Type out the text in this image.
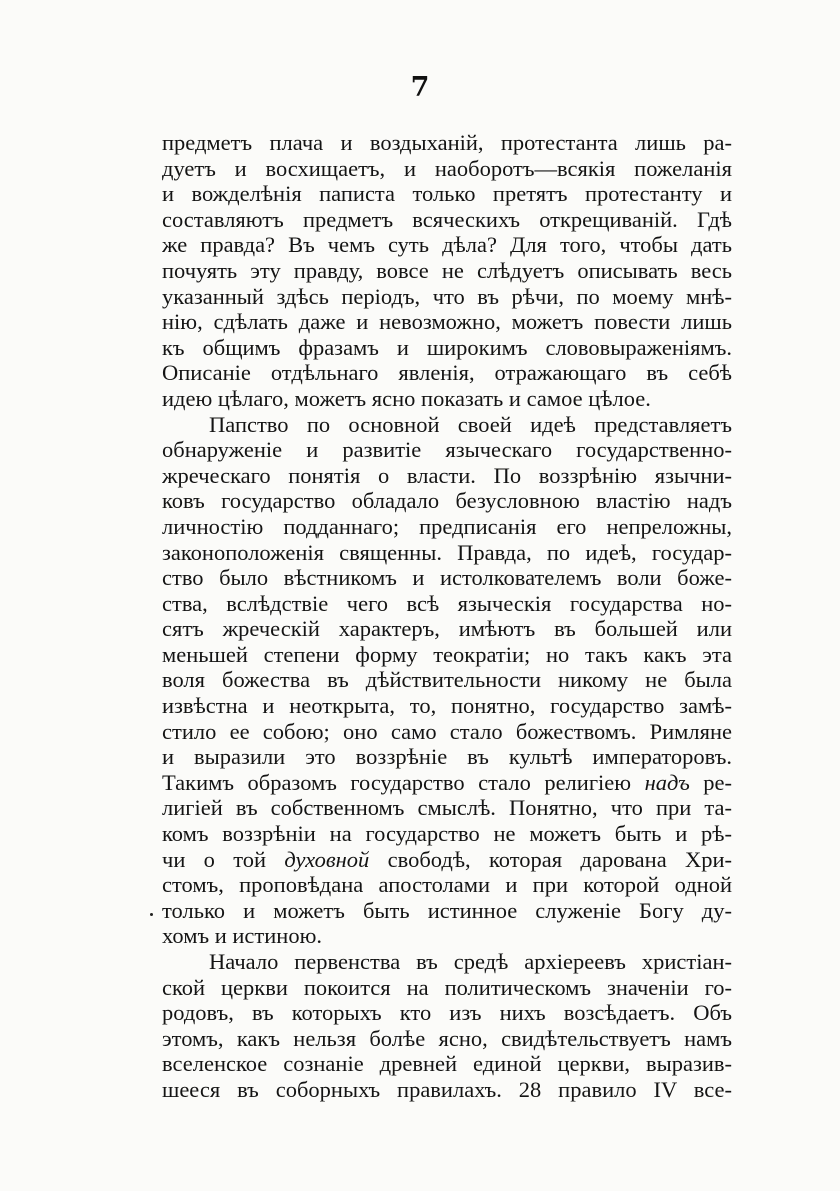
7
предметъ плача и воздыханій, протестанта лишь ра-
дуетъ и восхищаетъ, и наоборотъ—всякія пожеланія
и вожделѣнія паписта только претятъ протестанту и
составляютъ предметъ всяческихъ открещиваній. Гдѣ
же правда? Въ чемъ суть дѣла? Для того, чтобы дать
почуять эту правду, вовсе не слѣдуетъ описывать весь
указанный здѣсь періодъ, что въ рѣчи, по моему мнѣ-
нію, сдѣлать даже и невозможно, можетъ повести лишь
къ общимъ фразамъ и широкимъ слововыраженіямъ.
Описаніе отдѣльнаго явленія, отражающаго въ себѣ
идею цѣлаго, можетъ ясно показать и самое цѣлое.
Папство по основной своей идеѣ представляетъ
обнаруженіе и развитіе языческаго государственно-
жреческаго понятія о власти. По воззрѣнію язычни-
ковъ государство обладало безусловною властію надъ
личностію подданнаго; предписанія его непреложны,
законоположенія священны. Правда, по идеѣ, государ-
ство было вѣстникомъ и истолкователемъ воли боже-
ства, вслѣдствіе чего всѣ языческія государства но-
сятъ жреческій характеръ, имѣютъ въ большей или
меньшей степени форму теократіи; но такъ какъ эта
воля божества въ дѣйствительности никому не была
извѣстна и неоткрыта, то, понятно, государство замѣ-
стило ее собою; оно само стало божествомъ. Римляне
и выразили это воззрѣніе въ культѣ императоровъ.
Такимъ образомъ государство стало религіею надъ ре-
лигіей въ собственномъ смыслѣ. Понятно, что при та-
комъ воззрѣніи на государство не можетъ быть и рѣ-
чи о той духовной свободѣ, которая дарована Хри-
стомъ, проповѣдана апостолами и при которой одной
только и можетъ быть истинное служеніе Богу ду-
хомъ и истиною.
Начало первенства въ средѣ архіереевъ христіан-
ской церкви покоится на политическомъ значеніи го-
родовъ, въ которыхъ кто изъ нихъ возсѣдаетъ. Объ
этомъ, какъ нельзя болѣе ясно, свидѣтельствуетъ намъ
вселенское сознаніе древней единой церкви, выразив-
шееся въ соборныхъ правилахъ. 28 правило IV все-
